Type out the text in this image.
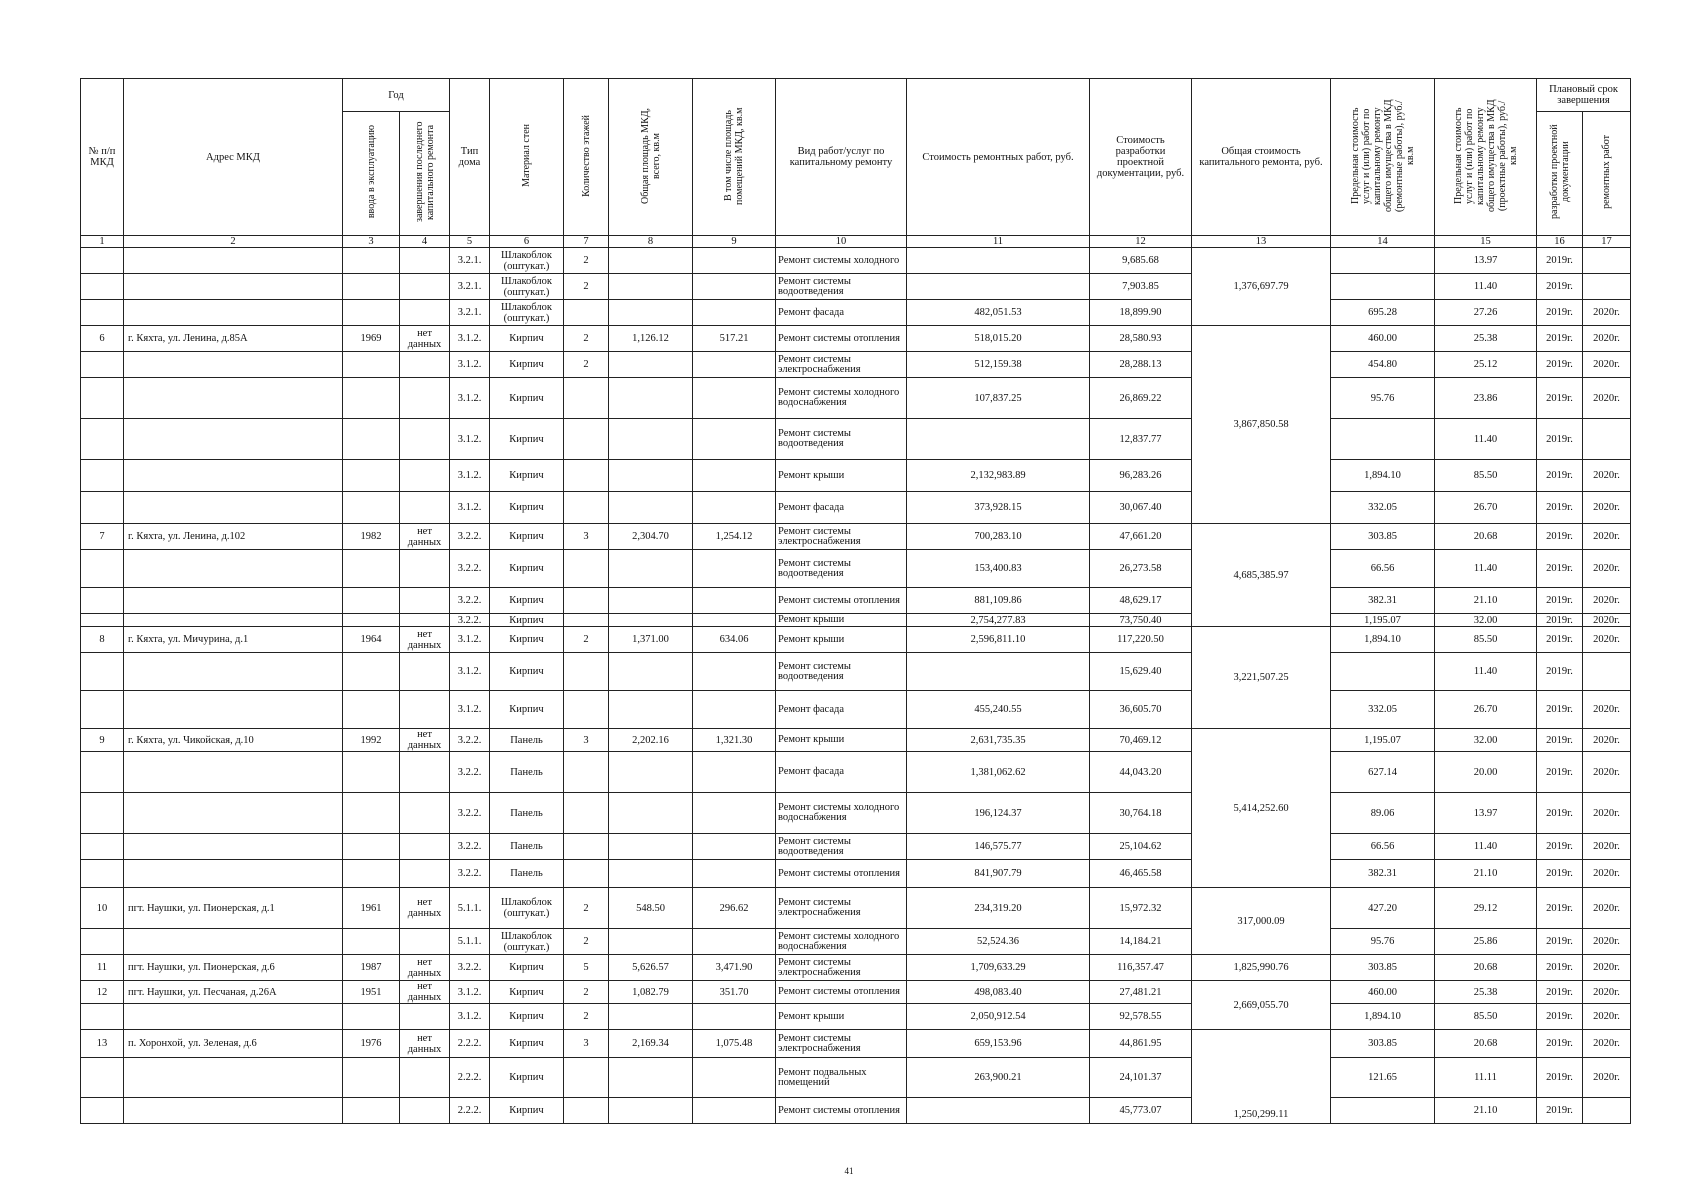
№ п/п МКД	Адрес МКД	Год		Тип дома	Материал стен	Количество этажей	Общая площадь МКД, всего, кв.м	В том числе площадь помещений МКД, кв.м	Вид работ/услуг по капитальному ремонту	Стоимость ремонтных работ, руб.	Стоимость разработки проектной документации, руб.	Общая стоимость капитального ремонта, руб.	Предельная стоимость услуг и (или) работ по капитальному ремонту общего имущества в МКД (ремонтные работы), руб./кв.м	Предельная стоимость услуг и (или) работ по капитальному ремонту общего имущества в МКД (проектные работы), руб./кв.м	Плановый срок завершения	
		ввода в эксплуатацию	завершения последнего капитального ремонта												разработки проектной документации	ремонтных работ
1	2	3	4	5	6	7	8	9	10	11	12	13	14	15	16	17
				3.2.1.	Шлакоблок (оштукат.)	2			Ремонт системы холодного		9,685.68	1,376,697.79		13.97	2019г.	
				3.2.1.	Шлакоблок (оштукат.)	2			Ремонт системы водоотведения		7,903.85			11.40	2019г.	
				3.2.1.	Шлакоблок (оштукат.)				Ремонт фасада	482,051.53	18,899.90		695.28	27.26	2019г.	2020г.
6	г. Кяхта, ул. Ленина, д.85А	1969	нет данных	3.1.2.	Кирпич	2	1,126.12	517.21	Ремонт системы отопления	518,015.20	28,580.93	3,867,850.58	460.00	25.38	2019г.	2020г.
				3.1.2.	Кирпич	2			Ремонт системы электроснабжения	512,159.38	28,288.13		454.80	25.12	2019г.	2020г.
				3.1.2.	Кирпич				Ремонт системы холодного водоснабжения	107,837.25	26,869.22		95.76	23.86	2019г.	2020г.
				3.1.2.	Кирпич				Ремонт системы водоотведения		12,837.77			11.40	2019г.	
				3.1.2.	Кирпич				Ремонт крыши	2,132,983.89	96,283.26		1,894.10	85.50	2019г.	2020г.
				3.1.2.	Кирпич				Ремонт фасада	373,928.15	30,067.40		332.05	26.70	2019г.	2020г.
7	г. Кяхта, ул. Ленина, д.102	1982	нет данных	3.2.2.	Кирпич	3	2,304.70	1,254.12	Ремонт системы электроснабжения	700,283.10	47,661.20	4,685,385.97	303.85	20.68	2019г.	2020г.
				3.2.2.	Кирпич				Ремонт системы водоотведения	153,400.83	26,273.58		66.56	11.40	2019г.	2020г.
				3.2.2.	Кирпич				Ремонт системы отопления	881,109.86	48,629.17		382.31	21.10	2019г.	2020г.
				3.2.2.	Кирпич				Ремонт крыши	2,754,277.83	73,750.40		1,195.07	32.00	2019г.	2020г.
8	г. Кяхта, ул. Мичурина, д.1	1964	нет данных	3.1.2.	Кирпич	2	1,371.00	634.06	Ремонт крыши	2,596,811.10	117,220.50	3,221,507.25	1,894.10	85.50	2019г.	2020г.
				3.1.2.	Кирпич				Ремонт системы водоотведения		15,629.40			11.40	2019г.	
				3.1.2.	Кирпич				Ремонт фасада	455,240.55	36,605.70		332.05	26.70	2019г.	2020г.
9	г. Кяхта, ул. Чикойская, д.10	1992	нет данных	3.2.2.	Панель	3	2,202.16	1,321.30	Ремонт крыши	2,631,735.35	70,469.12	5,414,252.60	1,195.07	32.00	2019г.	2020г.
				3.2.2.	Панель				Ремонт фасада	1,381,062.62	44,043.20		627.14	20.00	2019г.	2020г.
				3.2.2.	Панель				Ремонт системы холодного водоснабжения	196,124.37	30,764.18		89.06	13.97	2019г.	2020г.
				3.2.2.	Панель				Ремонт системы водоотведения	146,575.77	25,104.62		66.56	11.40	2019г.	2020г.
				3.2.2.	Панель				Ремонт системы отопления	841,907.79	46,465.58		382.31	21.10	2019г.	2020г.
10	пгт. Наушки, ул. Пионерская, д.1	1961	нет данных	5.1.1.	Шлакоблок (оштукат.)	2	548.50	296.62	Ремонт системы электроснабжения	234,319.20	15,972.32	317,000.09	427.20	29.12	2019г.	2020г.
				5.1.1.	Шлакоблок (оштукат.)	2			Ремонт системы холодного водоснабжения	52,524.36	14,184.21		95.76	25.86	2019г.	2020г.
11	пгт. Наушки, ул. Пионерская, д.6	1987	нет данных	3.2.2.	Кирпич	5	5,626.57	3,471.90	Ремонт системы электроснабжения	1,709,633.29	116,357.47	1,825,990.76	303.85	20.68	2019г.	2020г.
12	пгт. Наушки, ул. Песчаная, д.26А	1951	нет данных	3.1.2.	Кирпич	2	1,082.79	351.70	Ремонт системы отопления	498,083.40	27,481.21	2,669,055.70	460.00	25.38	2019г.	2020г.
				3.1.2.	Кирпич	2			Ремонт крыши	2,050,912.54	92,578.55		1,894.10	85.50	2019г.	2020г.
13	п. Хоронхой, ул. Зеленая, д.6	1976	нет данных	2.2.2.	Кирпич	3	2,169.34	1,075.48	Ремонт системы электроснабжения	659,153.96	44,861.95	1,250,299.11	303.85	20.68	2019г.	2020г.
				2.2.2.	Кирпич				Ремонт подвальных помещений	263,900.21	24,101.37		121.65	11.11	2019г.	2020г.
				2.2.2.	Кирпич				Ремонт системы отопления		45,773.07			21.10	2019г.	
41
